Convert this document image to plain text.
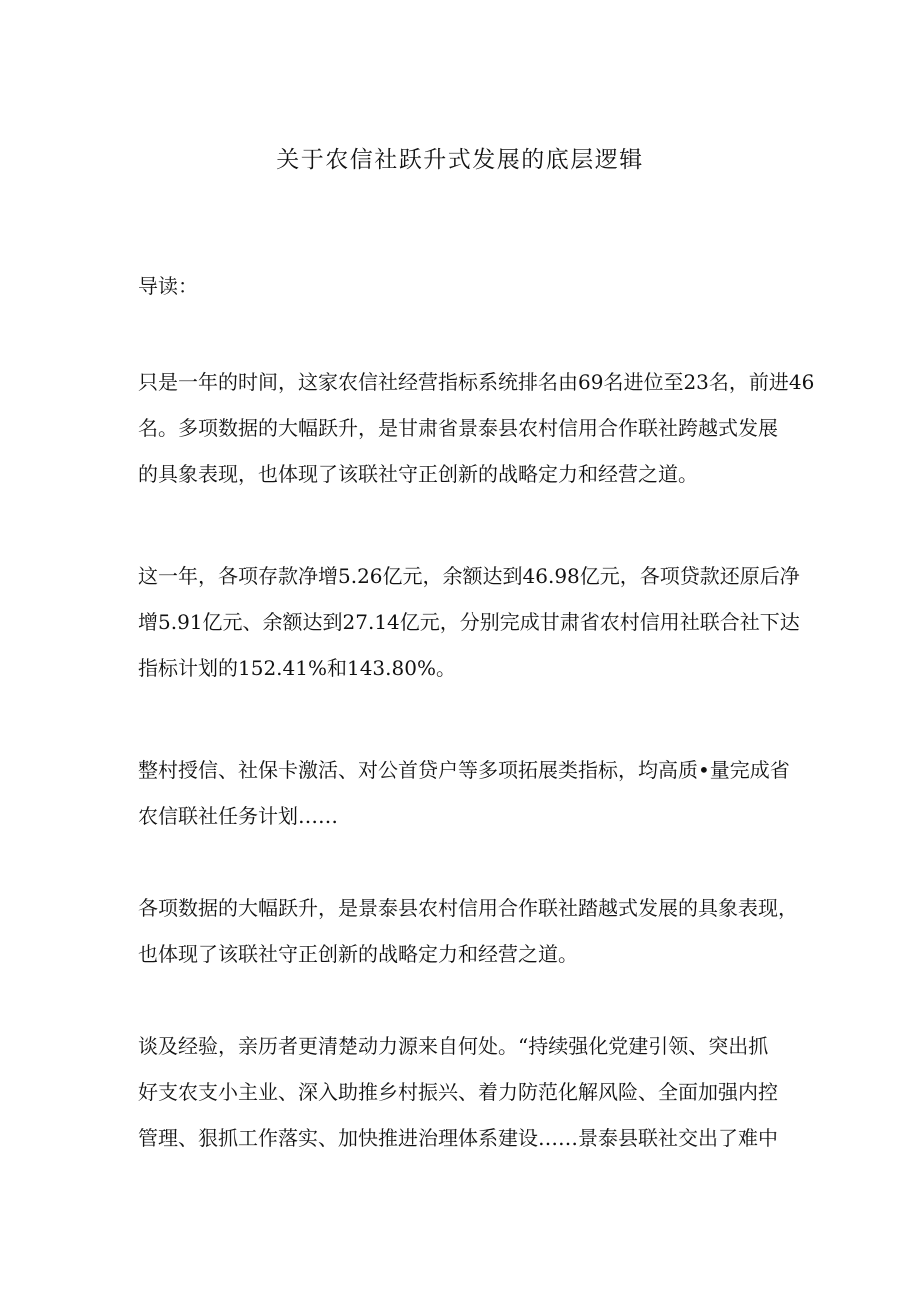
关于农信社跃升式发展的底层逻辑
导读：
只是一年的时间，这家农信社经营指标系统排名由69名进位至23名，前进46
名。多项数据的大幅跃升，是甘肃省景泰县农村信用合作联社跨越式发展
的具象表现，也体现了该联社守正创新的战略定力和经营之道。
这一年，各项存款净增5.26亿元，余额达到46.98亿元，各项贷款还原后净
增5.91亿元、余额达到27.14亿元，分别完成甘肃省农村信用社联合社下达
指标计划的152.41%和143.80%。
整村授信、社保卡激活、对公首贷户等多项拓展类指标，均高质•量完成省
农信联社任务计划……
各项数据的大幅跃升，是景泰县农村信用合作联社踏越式发展的具象表现，
也体现了该联社守正创新的战略定力和经营之道。
谈及经验，亲历者更清楚动力源来自何处。“持续强化党建引领、突出抓
好支农支小主业、深入助推乡村振兴、着力防范化解风险、全面加强内控
管理、狠抓工作落实、加快推进治理体系建设……景泰县联社交出了难中
